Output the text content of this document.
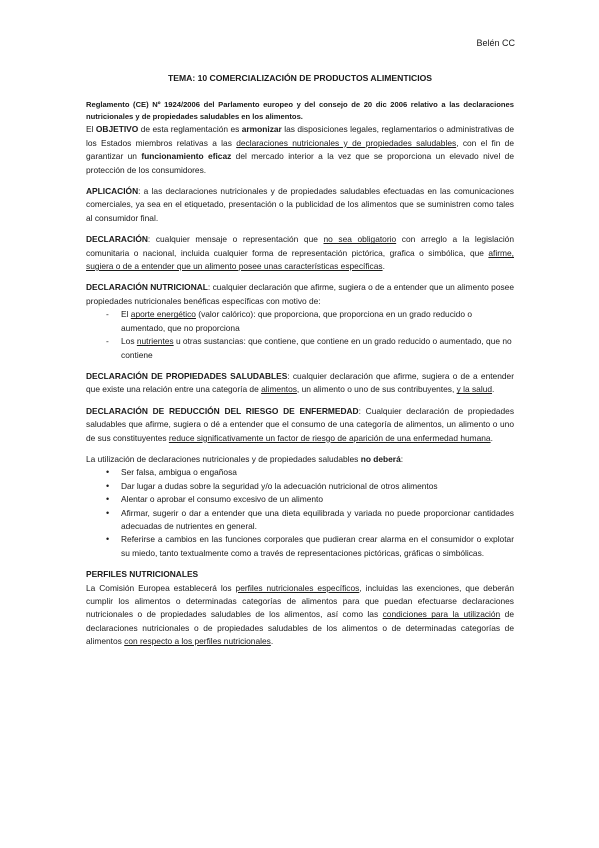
Belén CC
TEMA: 10 COMERCIALIZACIÓN DE PRODUCTOS ALIMENTICIOS

Reglamento (CE) Nº 1924/2006 del Parlamento europeo y del consejo de 20 dic 2006 relativo a las declaraciones nutricionales y de propiedades saludables en los alimentos.

El OBJETIVO de esta reglamentación es armonizar las disposiciones legales, reglamentarios o administrativas de los Estados miembros relativas a las declaraciones nutricionales y de propiedades saludables, con el fin de garantizar un funcionamiento eficaz del mercado interior a la vez que se proporciona un elevado nivel de protección de los consumidores.

APLICACIÓN: a las declaraciones nutricionales y de propiedades saludables efectuadas en las comunicaciones comerciales, ya sea en el etiquetado, presentación o la publicidad de los alimentos que se suministren como tales al consumidor final.

DECLARACIÓN: cualquier mensaje o representación que no sea obligatorio con arreglo a la legislación comunitaria o nacional, incluida cualquier forma de representación pictórica, grafica o simbólica, que afirme, sugiera o de a entender que un alimento posee unas características específicas.

DECLARACIÓN NUTRICIONAL: cualquier declaración que afirme, sugiera o de a entender que un alimento posee propiedades nutricionales benéficas específicas con motivo de:

- El aporte energético (valor calórico): que proporciona, que proporciona en un grado reducido o aumentado, que no proporciona
- Los nutrientes u otras sustancias: que contiene, que contiene en un grado reducido o aumentado, que no contiene

DECLARACIÓN DE PROPIEDADES SALUDABLES: cualquier declaración que afirme, sugiera o de a entender que existe una relación entre una categoría de alimentos, un alimento o uno de sus contribuyentes, y la salud.

DECLARACIÓN DE REDUCCIÓN DEL RIESGO DE ENFERMEDAD: Cualquier declaración de propiedades saludables que afirme, sugiera o dé a entender que el consumo de una categoría de alimentos, un alimento o uno de sus constituyentes reduce significativamente un factor de riesgo de aparición de una enfermedad humana.

La utilización de declaraciones nutricionales y de propiedades saludables no deberá:

• Ser falsa, ambigua o engañosa
• Dar lugar a dudas sobre la seguridad y/o la adecuación nutricional de otros alimentos
• Alentar o aprobar el consumo excesivo de un alimento
• Afirmar, sugerir o dar a entender que una dieta equilibrada y variada no puede proporcionar cantidades adecuadas de nutrientes en general.
• Referirse a cambios en las funciones corporales que pudieran crear alarma en el consumidor o explotar su miedo, tanto textualmente como a través de representaciones pictóricas, gráficas o simbólicas.

PERFILES NUTRICIONALES

La Comisión Europea establecerá los perfiles nutricionales específicos, incluidas las exenciones, que deberán cumplir los alimentos o determinadas categorías de alimentos para que puedan efectuarse declaraciones nutricionales o de propiedades saludables de los alimentos, así como las condiciones para la utilización de declaraciones nutricionales o de propiedades saludables de los alimentos o de determinadas categorías de alimentos con respecto a los perfiles nutricionales.
